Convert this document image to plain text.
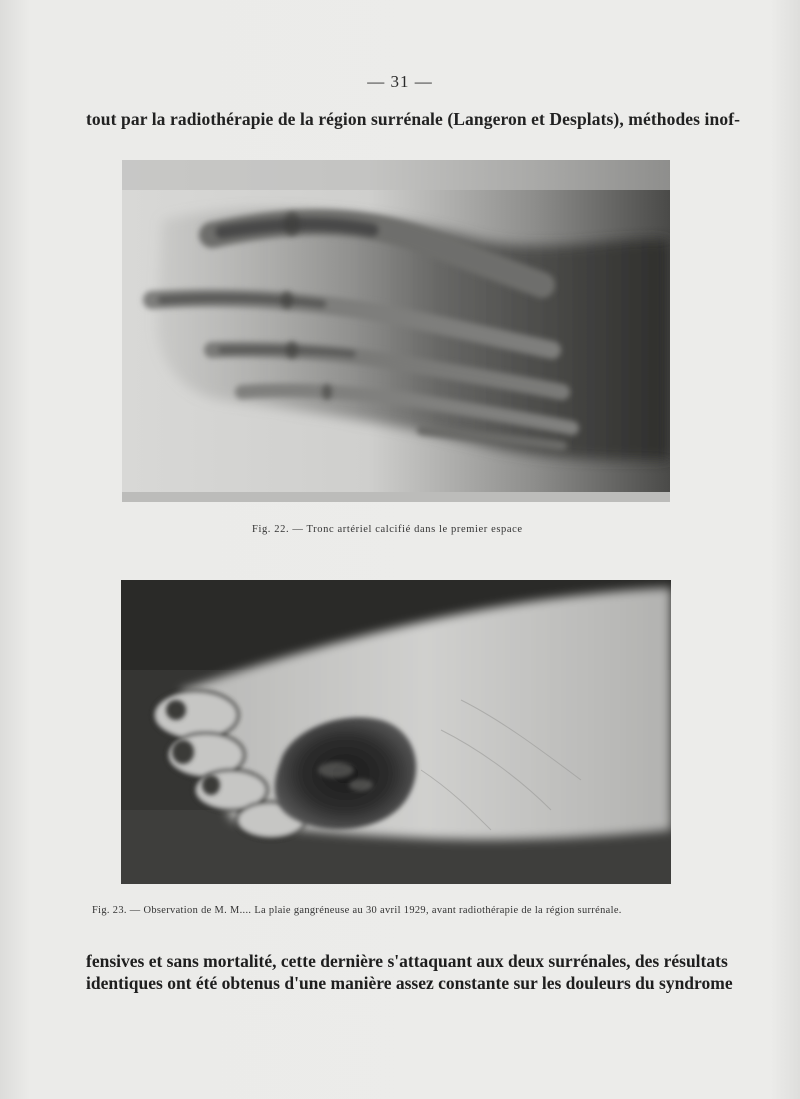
— 31 —
tout par la radiothérapie de la région surrénale (Langeron et Desplats), méthodes inof-
Fig. 22. — Tronc artériel calcifié dans le premier espace
Fig. 23. — Observation de M. M.... La plaie gangréneuse au 30 avril 1929, avant radiothérapie de la région surrénale.
fensives et sans mortalité, cette dernière s'attaquant aux deux surrénales, des résultats
identiques ont été obtenus d'une manière assez constante sur les douleurs du syndrome
